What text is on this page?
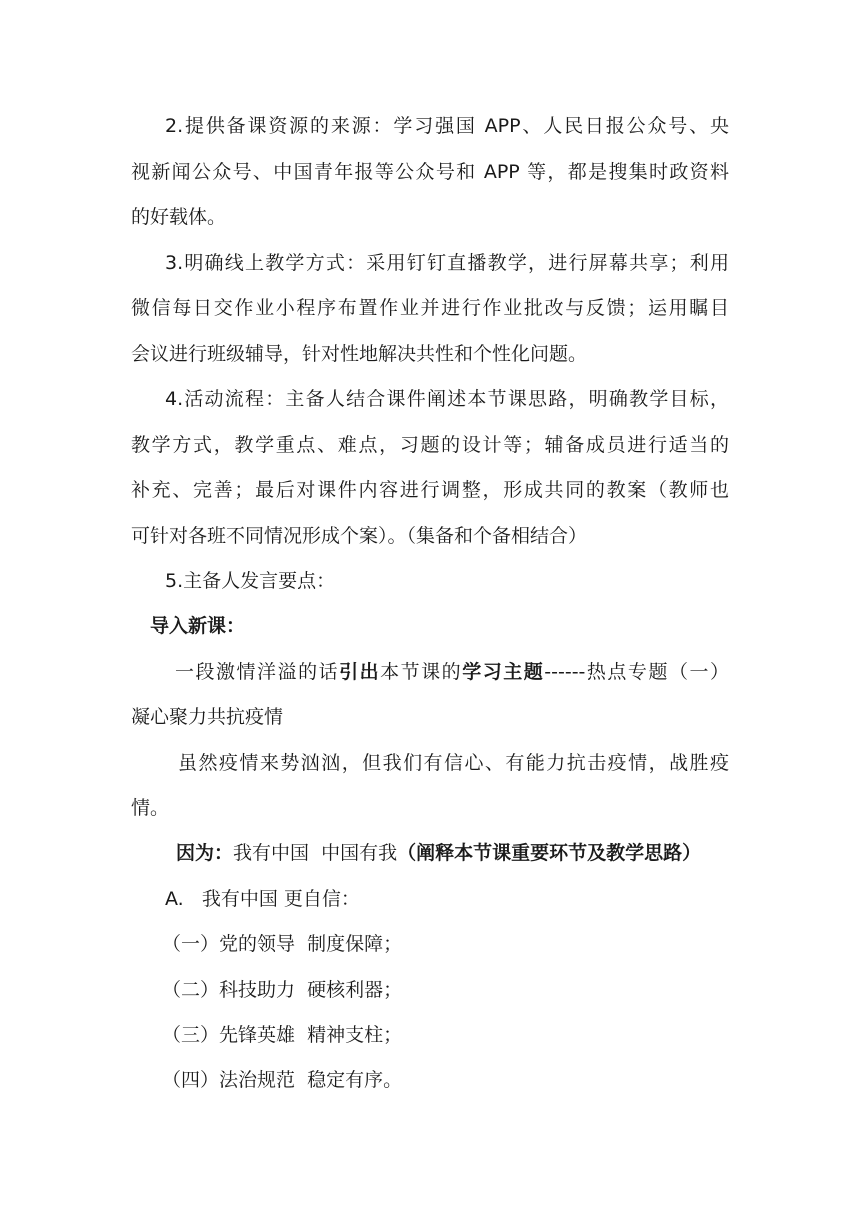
2.提供备课资源的来源：学习强国 APP、人民日报公众号、央

视新闻公众号、中国青年报等公众号和 APP 等，都是搜集时政资料

的好载体。

3.明确线上教学方式：采用钉钉直播教学，进行屏幕共享；利用

微信每日交作业小程序布置作业并进行作业批改与反馈；运用瞩目

会议进行班级辅导，针对性地解决共性和个性化问题。

4.活动流程：主备人结合课件阐述本节课思路，明确教学目标，

教学方式，教学重点、难点，习题的设计等；辅备成员进行适当的

补充、完善；最后对课件内容进行调整，形成共同的教案（教师也

可针对各班不同情况形成个案）。（集备和个备相结合）

5.主备人发言要点：

导入新课：

一段激情洋溢的话引出本节课的学习主题------热点专题（一）

凝心聚力共抗疫情

虽然疫情来势汹汹，但我们有信心、有能力抗击疫情，战胜疫

情。

因为：我有中国  中国有我（阐释本节课重要环节及教学思路）

A.   我有中国 更自信：

（一）党的领导  制度保障；

（二）科技助力  硬核利器；

（三）先锋英雄  精神支柱；

（四）法治规范  稳定有序。
